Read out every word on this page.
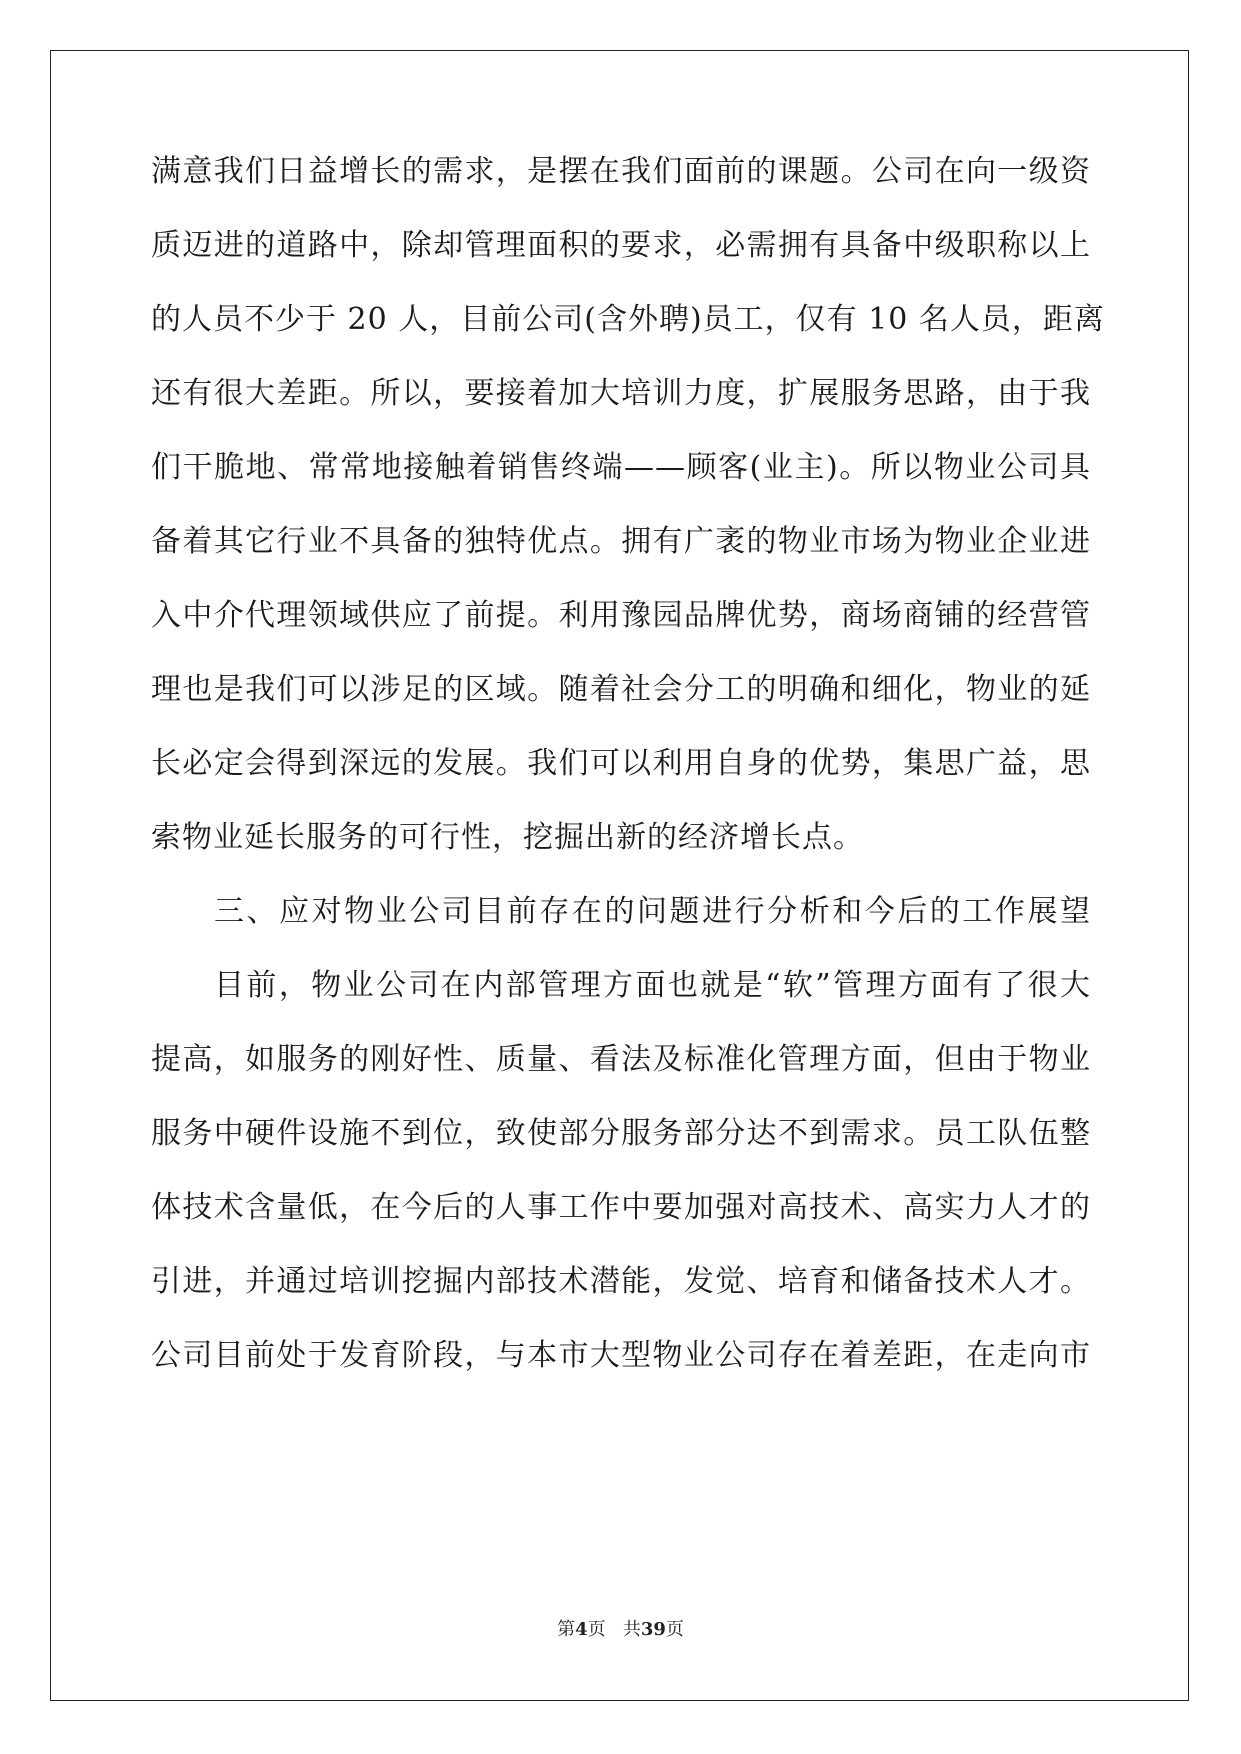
满意我们日益增长的需求，是摆在我们面前的课题。公司在向一级资
质迈进的道路中，除却管理面积的要求，必需拥有具备中级职称以上
的人员不少于 20 人，目前公司(含外聘)员工，仅有 10 名人员，距离
还有很大差距。所以，要接着加大培训力度，扩展服务思路，由于我
们干脆地、常常地接触着销售终端——顾客(业主)。所以物业公司具
备着其它行业不具备的独特优点。拥有广袤的物业市场为物业企业进
入中介代理领域供应了前提。利用豫园品牌优势，商场商铺的经营管
理也是我们可以涉足的区域。随着社会分工的明确和细化，物业的延
长必定会得到深远的发展。我们可以利用自身的优势，集思广益，思
索物业延长服务的可行性，挖掘出新的经济增长点。
三、应对物业公司目前存在的问题进行分析和今后的工作展望
目前，物业公司在内部管理方面也就是“软”管理方面有了很大
提高，如服务的刚好性、质量、看法及标准化管理方面，但由于物业
服务中硬件设施不到位，致使部分服务部分达不到需求。员工队伍整
体技术含量低，在今后的人事工作中要加强对高技术、高实力人才的
引进，并通过培训挖掘内部技术潜能，发觉、培育和储备技术人才。
公司目前处于发育阶段，与本市大型物业公司存在着差距，在走向市
第4页 共39页
